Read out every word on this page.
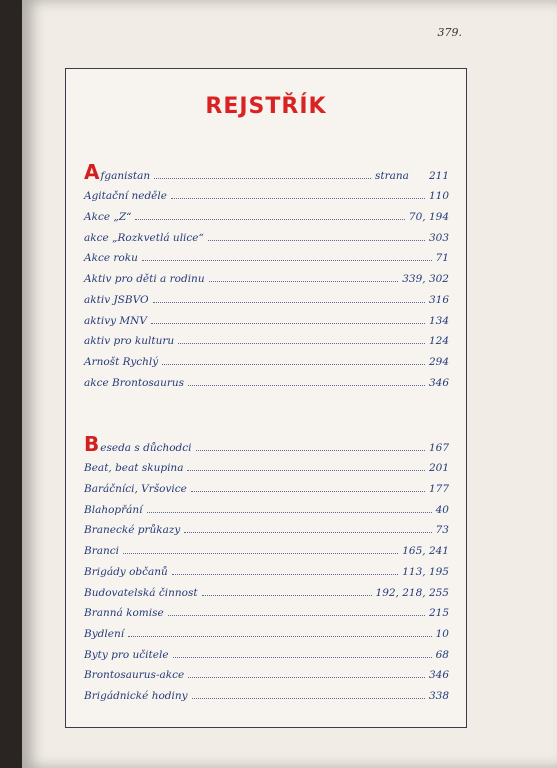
379.
REJSTŘÍK
Afganistan	strana 211
Agitační neděle	110
Akce „Z“	70, 194
akce „Rozkvetlá ulice“	303
Akce roku	71
Aktiv pro děti a rodinu	339, 302
aktiv JSBVO	316
aktivy MNV	134
aktiv pro kulturu	124
Arnošt Rychlý	294
akce Brontosaurus	346
Beseda s důchodci	167
Beat, beat skupina	201
Baráčníci, Vršovice	177
Blahopřání	40
Branecké průkazy	73
Branci	165, 241
Brigády občanů	113, 195
Budovatelská činnost	192, 218, 255
Branná komise	215
Bydlení	10
Byty pro učitele	68
Brontosaurus-akce	346
Brigádnické hodiny	338
